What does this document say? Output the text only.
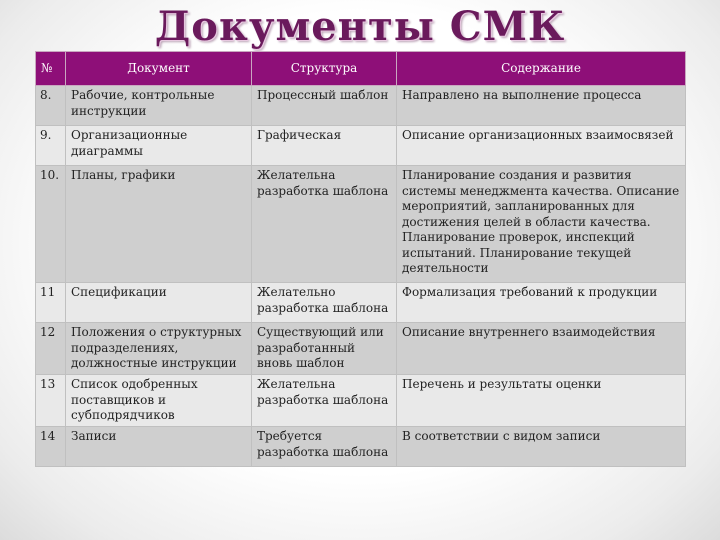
Документы СМК
№	Документ	Структура	Содержание
8.	Рабочие, контрольные инструкции	Процессный шаблон	Направлено на выполнение процесса
9.	Организационные диаграммы	Графическая	Описание организационных взаимосвязей
10.	Планы, графики	Желательна разработка шаблона	Планирование создания и развития системы менеджмента качества. Описание мероприятий, запланированных для достижения целей в области качества. Планирование проверок, инспекций испытаний. Планирование текущей деятельности
11	Спецификации	Желательно разработка шаблона	Формализация требований к продукции
12	Положения о структурных подразделениях, должностные инструкции	Существующий или разработанный вновь шаблон	Описание внутреннего взаимодействия
13	Список одобренных поставщиков и субподрядчиков	Желательна разработка шаблона	Перечень и результаты оценки
14	Записи	Требуется разработка шаблона	В соответствии с видом записи
